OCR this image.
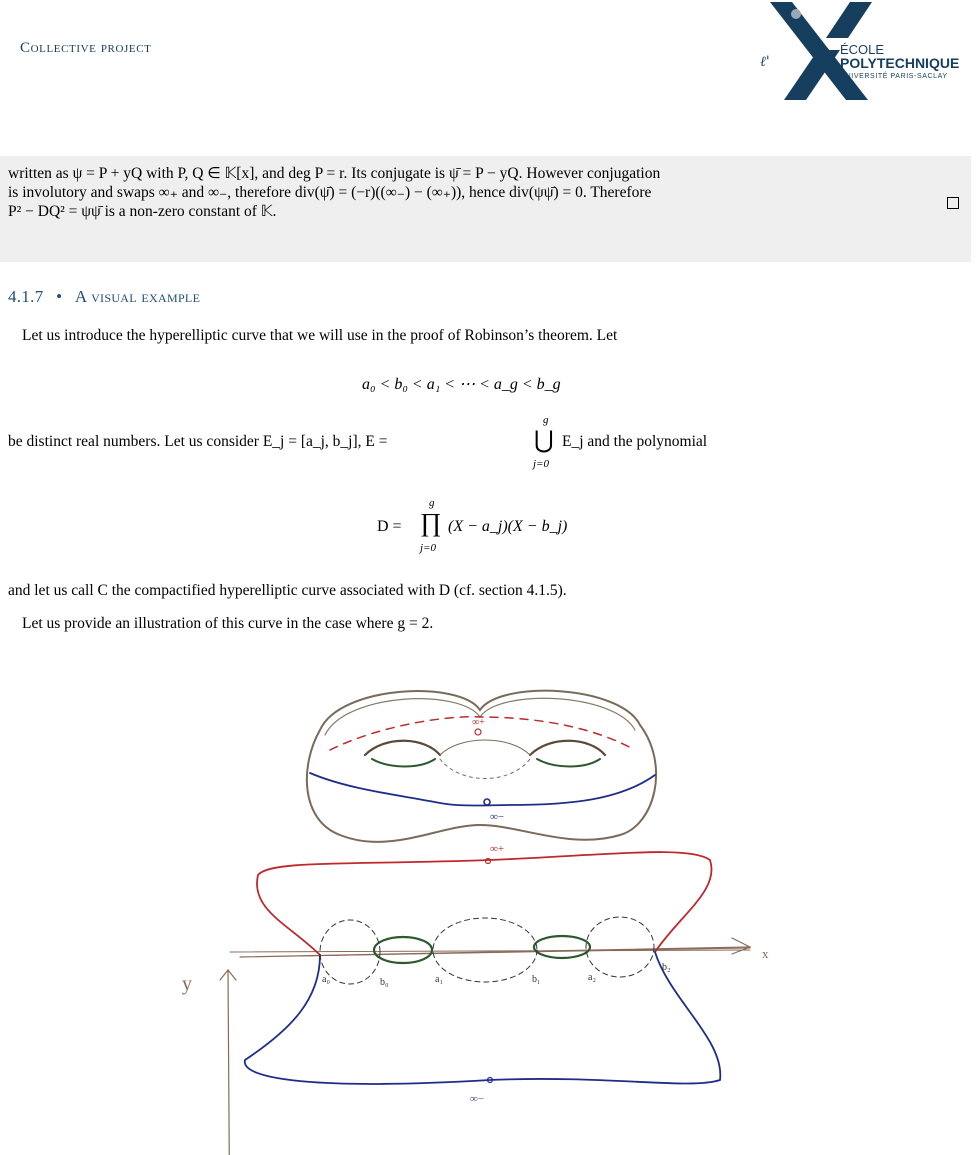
Collective project
ℓ'
ÉCOLE
POLYTECHNIQUE
UNIVERSITÉ PARIS-SACLAY
written as ψ = P + yQ with P, Q ∈ 𝕂[x], and deg P = r. Its conjugate is ψ̄ = P − yQ. However conjugation
is involutory and swaps ∞₊ and ∞₋, therefore div(ψ̄) = (−r)((∞₋) − (∞₊)), hence div(ψψ̄) = 0. Therefore
P² − DQ² = ψψ̄ is a non-zero constant of 𝕂.
4.1.7 • A visual example
Let us introduce the hyperelliptic curve that we will use in the proof of Robinson’s theorem. Let
a₀ < b₀ < a₁ < ⋯ < a_g < b_g
be distinct real numbers. Let us consider E_j = [a_j, b_j], E =
g
⋃
j=0
E_j and the polynomial
D =
g
∏
j=0
(X − a_j)(X − b_j)
and let us call C the compactified hyperelliptic curve associated with D (cf. section 4.1.5).
Let us provide an illustration of this curve in the case where g = 2.
∞+
∞−
y
x
∞+
∞−
a₀	b₀	a₁	b₁	a₂
b₂
